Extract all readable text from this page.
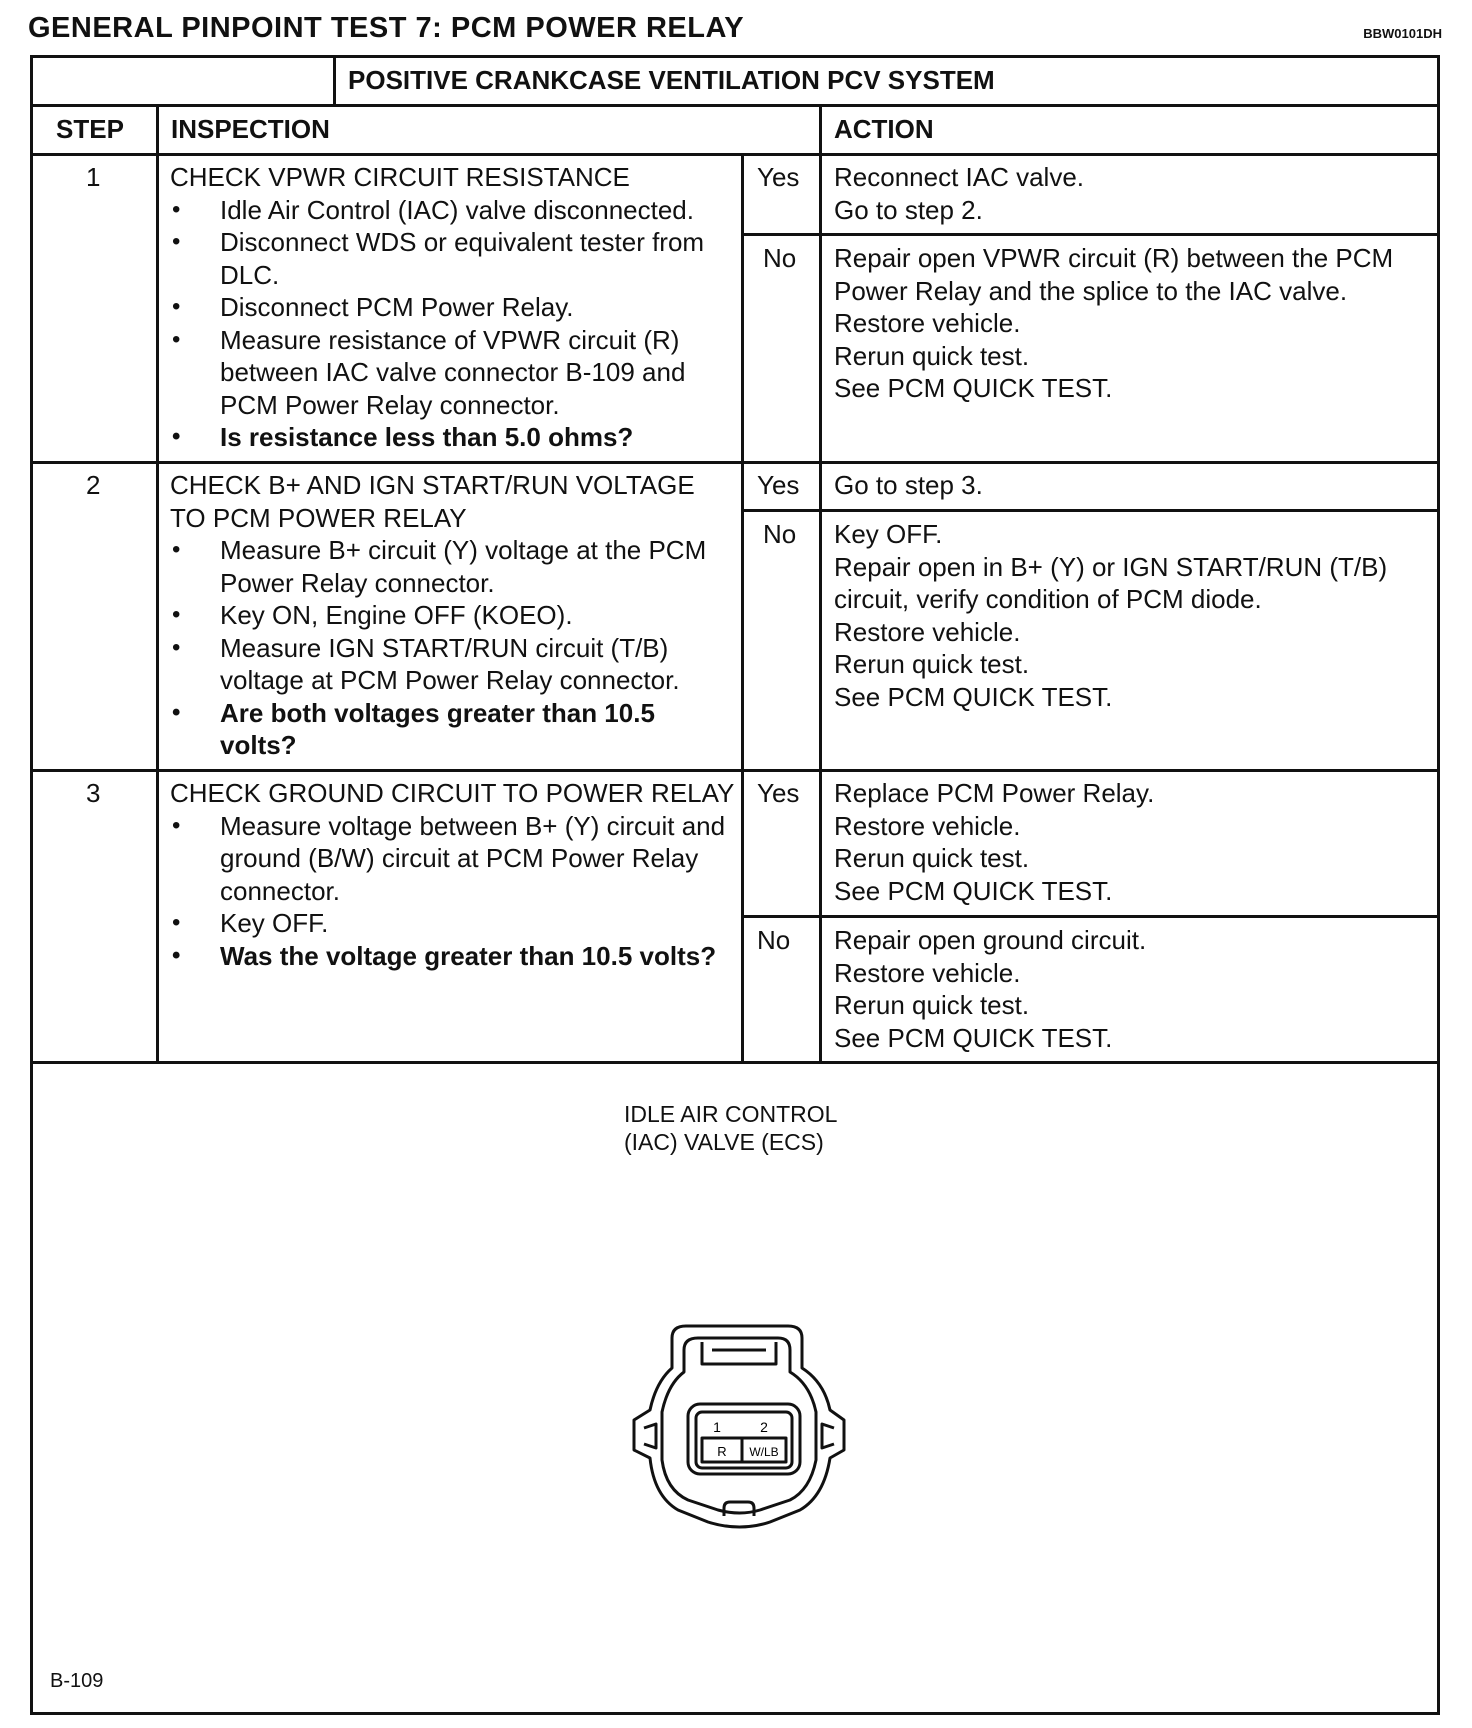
GENERAL PINPOINT TEST 7: PCM POWER RELAY	BBW0101DH
POSITIVE CRANKCASE VENTILATION PCV SYSTEM
STEP INSPECTION	ACTION
1	CHECK VPWR CIRCUIT RESISTANCE
• Idle Air Control (IAC) valve disconnected.
• Disconnect WDS or equivalent tester from DLC.
• Disconnect PCM Power Relay.
• Measure resistance of VPWR circuit (R) between IAC valve connector B-109 and PCM Power Relay connector.
• Is resistance less than 5.0 ohms?
Yes Reconnect IAC valve.
Go to step 2.
No Repair open VPWR circuit (R) between the PCM Power Relay and the splice to the IAC valve.
Restore vehicle.
Rerun quick test.
See PCM QUICK TEST.
2	CHECK B+ AND IGN START/RUN VOLTAGE TO PCM POWER RELAY
• Measure B+ circuit (Y) voltage at the PCM Power Relay connector.
• Key ON, Engine OFF (KOEO).
• Measure IGN START/RUN circuit (T/B) voltage at PCM Power Relay connector.
• Are both voltages greater than 10.5 volts?
Yes Go to step 3.
No Key OFF.
Repair open in B+ (Y) or IGN START/RUN (T/B) circuit, verify condition of PCM diode.
Restore vehicle.
Rerun quick test.
See PCM QUICK TEST.
3	CHECK GROUND CIRCUIT TO POWER RELAY
• Measure voltage between B+ (Y) circuit and ground (B/W) circuit at PCM Power Relay connector.
• Key OFF.
• Was the voltage greater than 10.5 volts?
Yes Replace PCM Power Relay.
Restore vehicle.
Rerun quick test.
See PCM QUICK TEST.
No Repair open ground circuit.
Restore vehicle.
Rerun quick test.
See PCM QUICK TEST.
IDLE AIR CONTROL
(IAC) VALVE (ECS)
1	2
R W/LB
B-109
